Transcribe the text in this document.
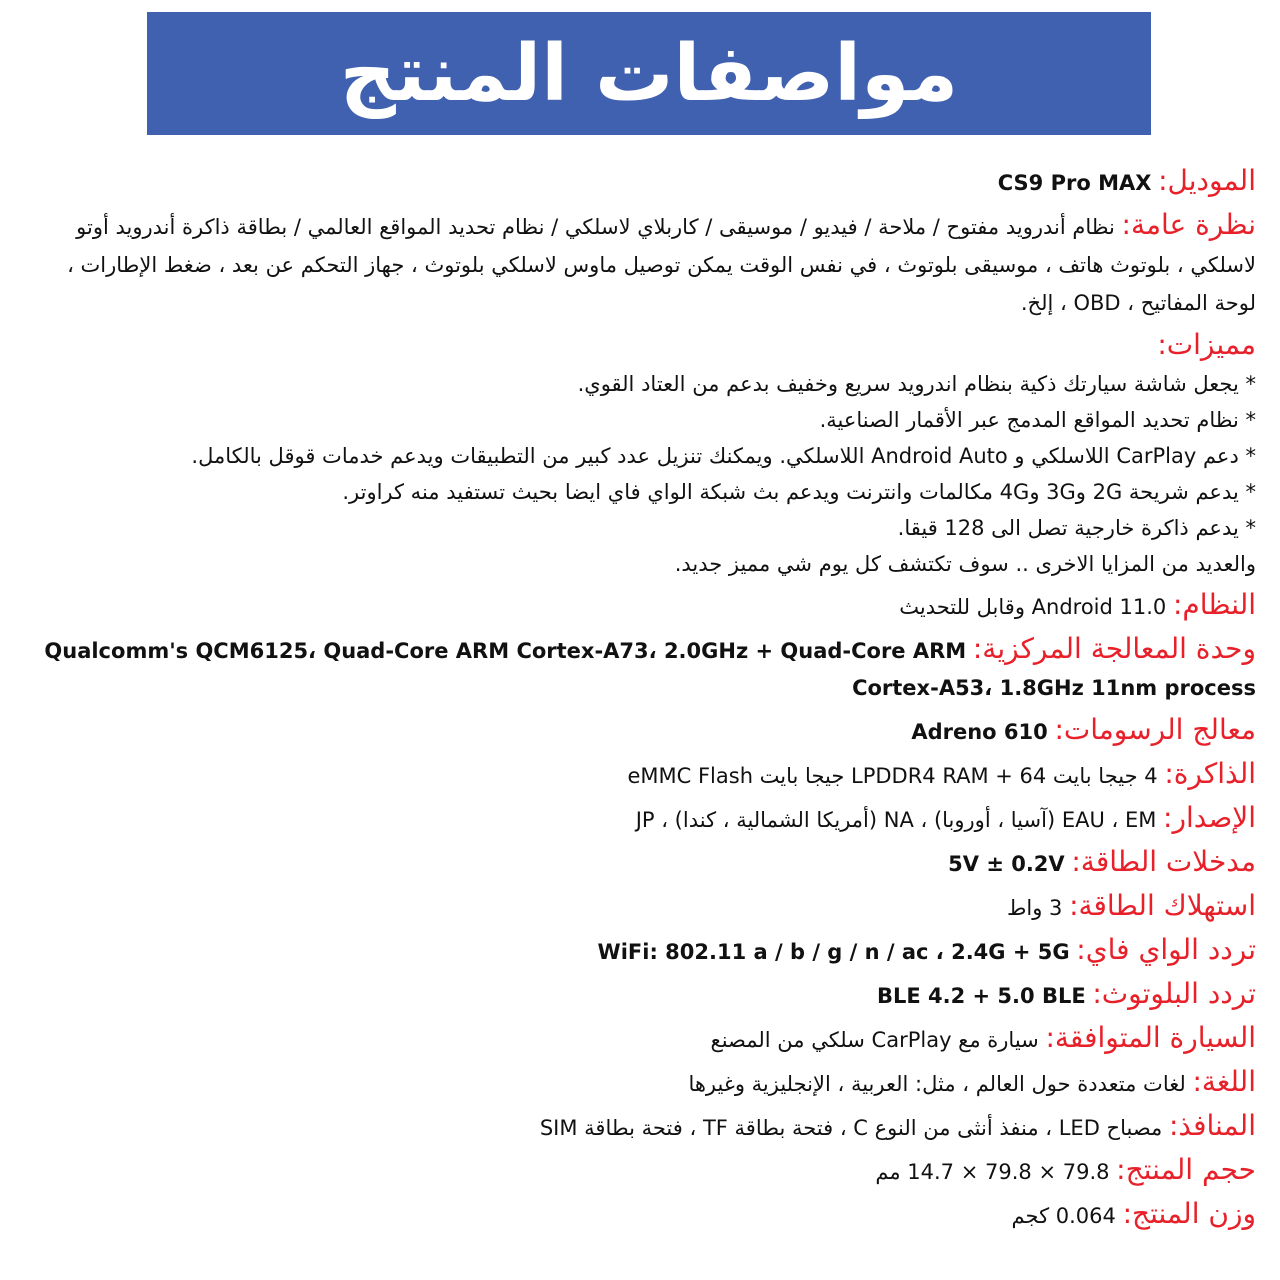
مواصفات المنتج
الموديل: CS9 Pro MAX
نظرة عامة: نظام أندرويد مفتوح / ملاحة / فيديو / موسيقى / كاربلاي لاسلكي / نظام تحديد المواقع العالمي / بطاقة ذاكرة أندرويد أوتو لاسلكي ، بلوتوث هاتف ، موسيقى بلوتوث ، في نفس الوقت يمكن توصيل ماوس لاسلكي بلوتوث ، جهاز التحكم عن بعد ، ضغط الإطارات ، لوحة المفاتيح ، OBD ، إلخ.
مميزات:

* يجعل شاشة سيارتك ذكية بنظام اندرويد سريع وخفيف بدعم من العتاد القوي.

* نظام تحديد المواقع المدمج عبر الأقمار الصناعية.

* دعم CarPlay اللاسلكي و Android Auto اللاسلكي. ويمكنك تنزيل عدد كبير من التطبيقات ويدعم خدمات قوقل بالكامل.

* يدعم شريحة 2G و3G و4G مكالمات وانترنت ويدعم بث شبكة الواي فاي ايضا بحيث تستفيد منه كراوتر.

* يدعم ذاكرة خارجية تصل الى 128 قيقا.

والعديد من المزايا الاخرى .. سوف تكتشف كل يوم شي مميز جديد.

النظام: Android 11.0 وقابل للتحديث
وحدة المعالجة المركزية: Qualcomm's QCM6125، Quad-Core ARM Cortex-A73، 2.0GHz + Quad-Core ARM Cortex-A53، 1.8GHz 11nm process
معالج الرسومات: Adreno 610
الذاكرة: 4 جيجا بايت LPDDR4 RAM + 64 جيجا بايت eMMC Flash
الإصدار: EAU ، EM (آسيا ، أوروبا) ، NA (أمريكا الشمالية ، كندا) ، JP
مدخلات الطاقة: 5V ± 0.2V
استهلاك الطاقة: 3 واط
تردد الواي فاي: WiFi: 802.11 a / b / g / n / ac ، 2.4G + 5G
تردد البلوتوث: BLE 4.2 + 5.0 BLE
السيارة المتوافقة: سيارة مع CarPlay سلكي من المصنع
اللغة: لغات متعددة حول العالم ، مثل: العربية ، الإنجليزية وغيرها
المنافذ: مصباح LED ، منفذ أنثى من النوع C ، فتحة بطاقة TF ، فتحة بطاقة SIM
حجم المنتج: 79.8 × 79.8 × 14.7 مم
وزن المنتج: 0.064 كجم
